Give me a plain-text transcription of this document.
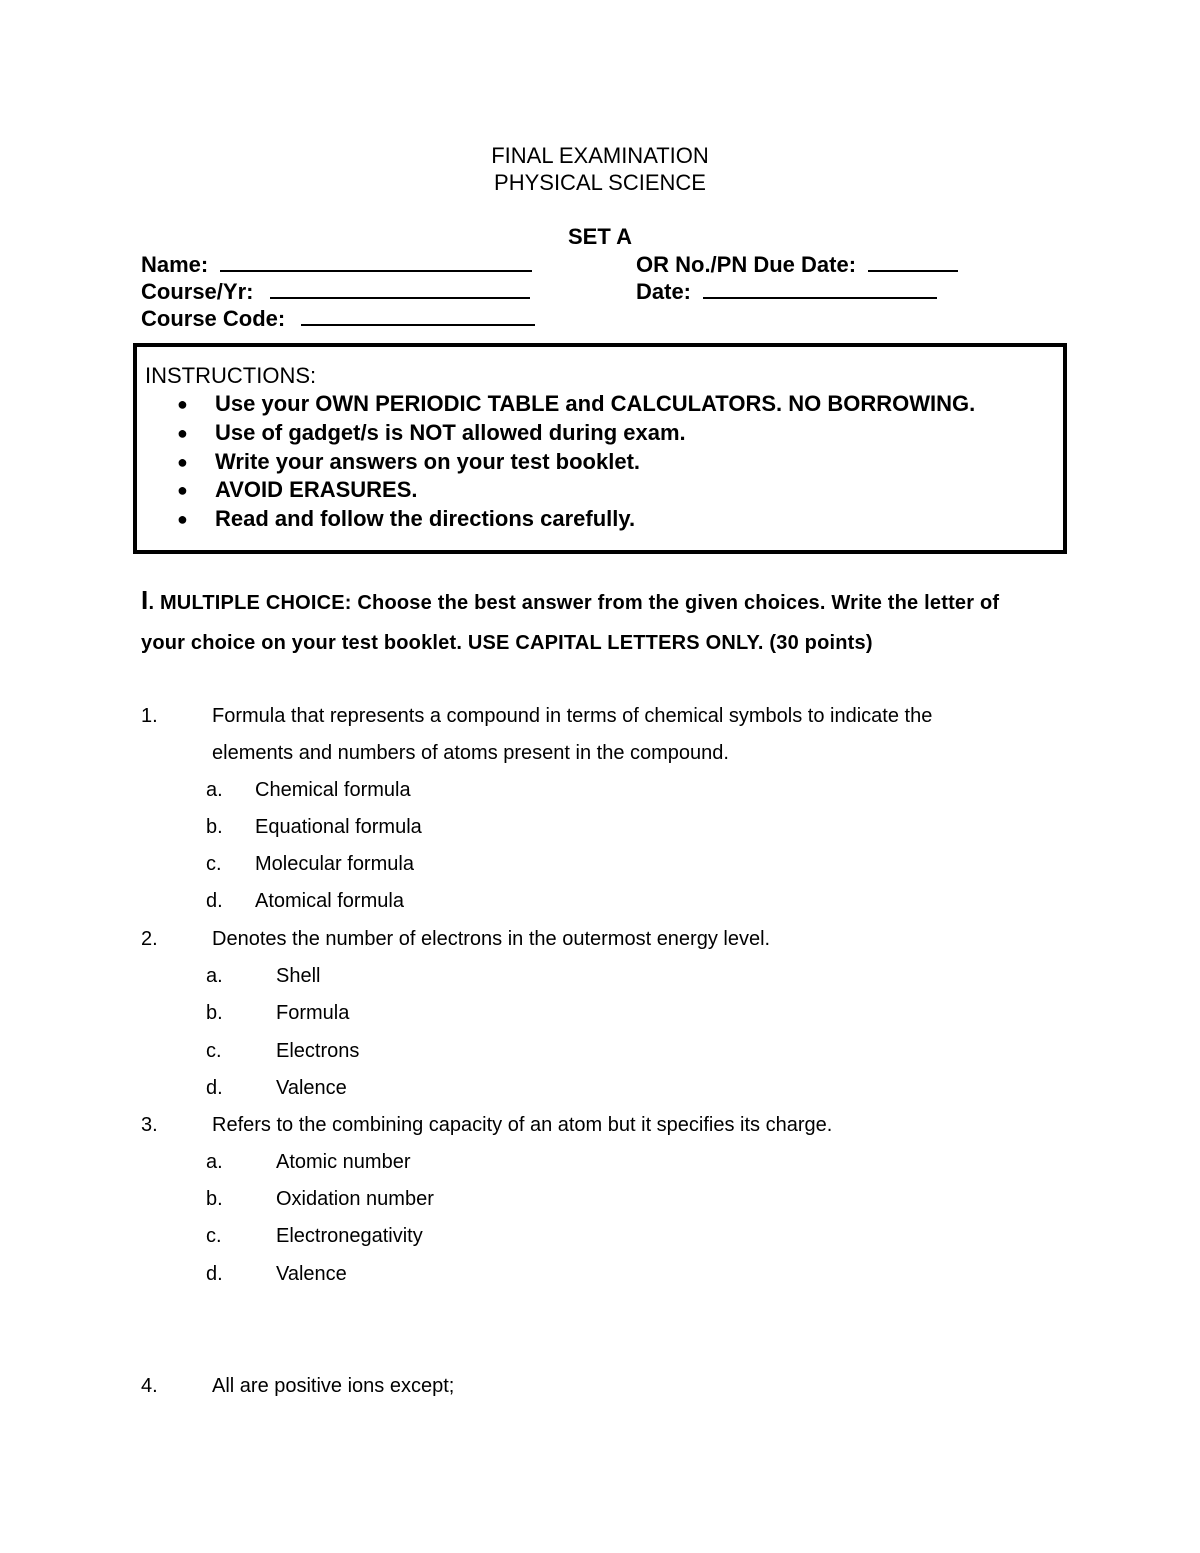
FINAL EXAMINATION
PHYSICAL SCIENCE
SET A
Name:	OR No./PN Due Date:
Course/Yr:	Date:
Course Code:
INSTRUCTIONS:
● Use your OWN PERIODIC TABLE and CALCULATORS. NO BORROWING.
● Use of gadget/s is NOT allowed during exam.
● Write your answers on your test booklet.
● AVOID ERASURES.
● Read and follow the directions carefully.
I. MULTIPLE CHOICE: Choose the best answer from the given choices. Write the letter of
your choice on your test booklet. USE CAPITAL LETTERS ONLY. (30 points)
1.	Formula that represents a compound in terms of chemical symbols to indicate the
elements and numbers of atoms present in the compound.
a. Chemical formula
b. Equational formula
c. Molecular formula
d. Atomical formula
2.	Denotes the number of electrons in the outermost energy level.
a.	Shell
b.	Formula
c.	Electrons
d.	Valence
3.	Refers to the combining capacity of an atom but it specifies its charge.
a.	Atomic number
b.	Oxidation number
c.	Electronegativity
d.	Valence
4.	All are positive ions except;
